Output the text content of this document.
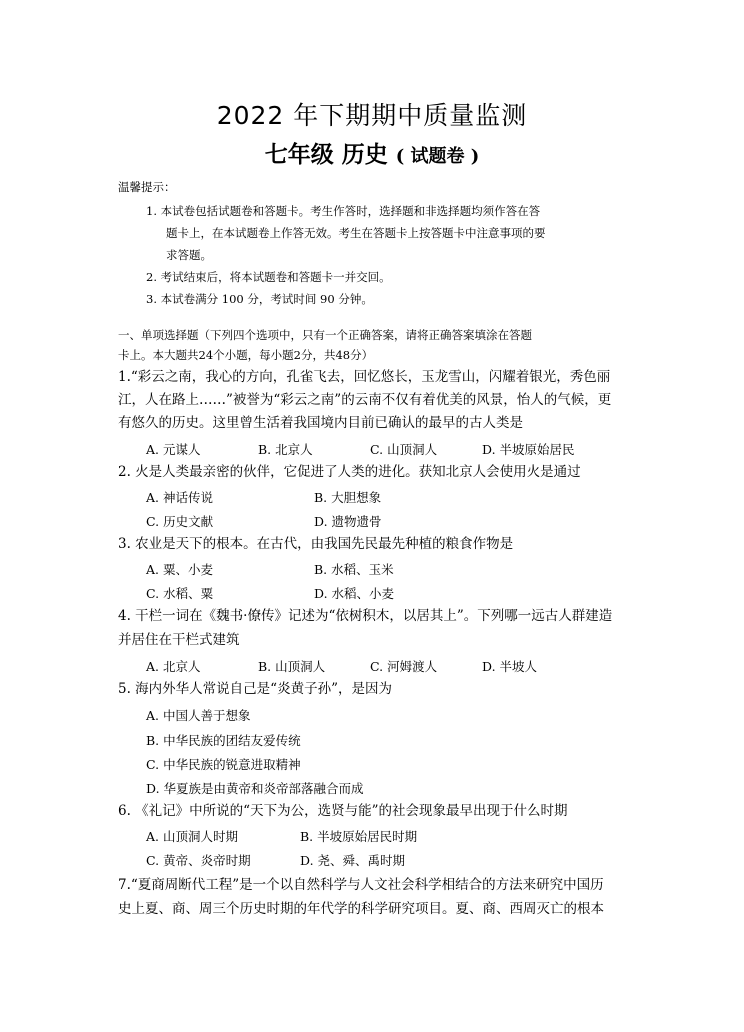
2022 年下期期中质量监测
七年级 历史 ( 试题卷 )
温馨提示：
1. 本试卷包括试题卷和答题卡。考生作答时，选择题和非选择题均须作答在答
题卡上，在本试题卷上作答无效。考生在答题卡上按答题卡中注意事项的要
求答题。
2. 考试结束后，将本试题卷和答题卡一并交回。
3. 本试卷满分 100 分，考试时间 90 分钟。
一、单项选择题（下列四个选项中，只有一个正确答案，请将正确答案填涂在答题
卡上。本大题共24个小题，每小题2分，共48分）
1.“彩云之南，我心的方向，孔雀飞去，回忆悠长，玉龙雪山，闪耀着银光，秀色丽
江，人在路上……”被誉为“彩云之南”的云南不仅有着优美的风景，怡人的气候，更
有悠久的历史。这里曾生活着我国境内目前已确认的最早的古人类是
A. 元谋人	B. 北京人	C. 山顶洞人	D. 半坡原始居民
2. 火是人类最亲密的伙伴，它促进了人类的进化。获知北京人会使用火是通过
A. 神话传说	B. 大胆想象
C. 历史文献	D. 遗物遗骨
3. 农业是天下的根本。在古代，由我国先民最先种植的粮食作物是
A. 粟、小麦	B. 水稻、玉米
C. 水稻、粟	D. 水稻、小麦
4. 干栏一词在《魏书·僚传》记述为“依树积木，以居其上”。下列哪一远古人群建造
并居住在干栏式建筑
A. 北京人	B. 山顶洞人	C. 河姆渡人	D. 半坡人
5. 海内外华人常说自己是“炎黄子孙”，是因为
A. 中国人善于想象
B. 中华民族的团结友爱传统
C. 中华民族的锐意进取精神
D. 华夏族是由黄帝和炎帝部落融合而成
6. 《礼记》中所说的“天下为公，选贤与能”的社会现象最早出现于什么时期
A. 山顶洞人时期	B. 半坡原始居民时期
C. 黄帝、炎帝时期	D. 尧、舜、禹时期
7.“夏商周断代工程”是一个以自然科学与人文社会科学相结合的方法来研究中国历
史上夏、商、周三个历史时期的年代学的科学研究项目。夏、商、西周灭亡的根本
